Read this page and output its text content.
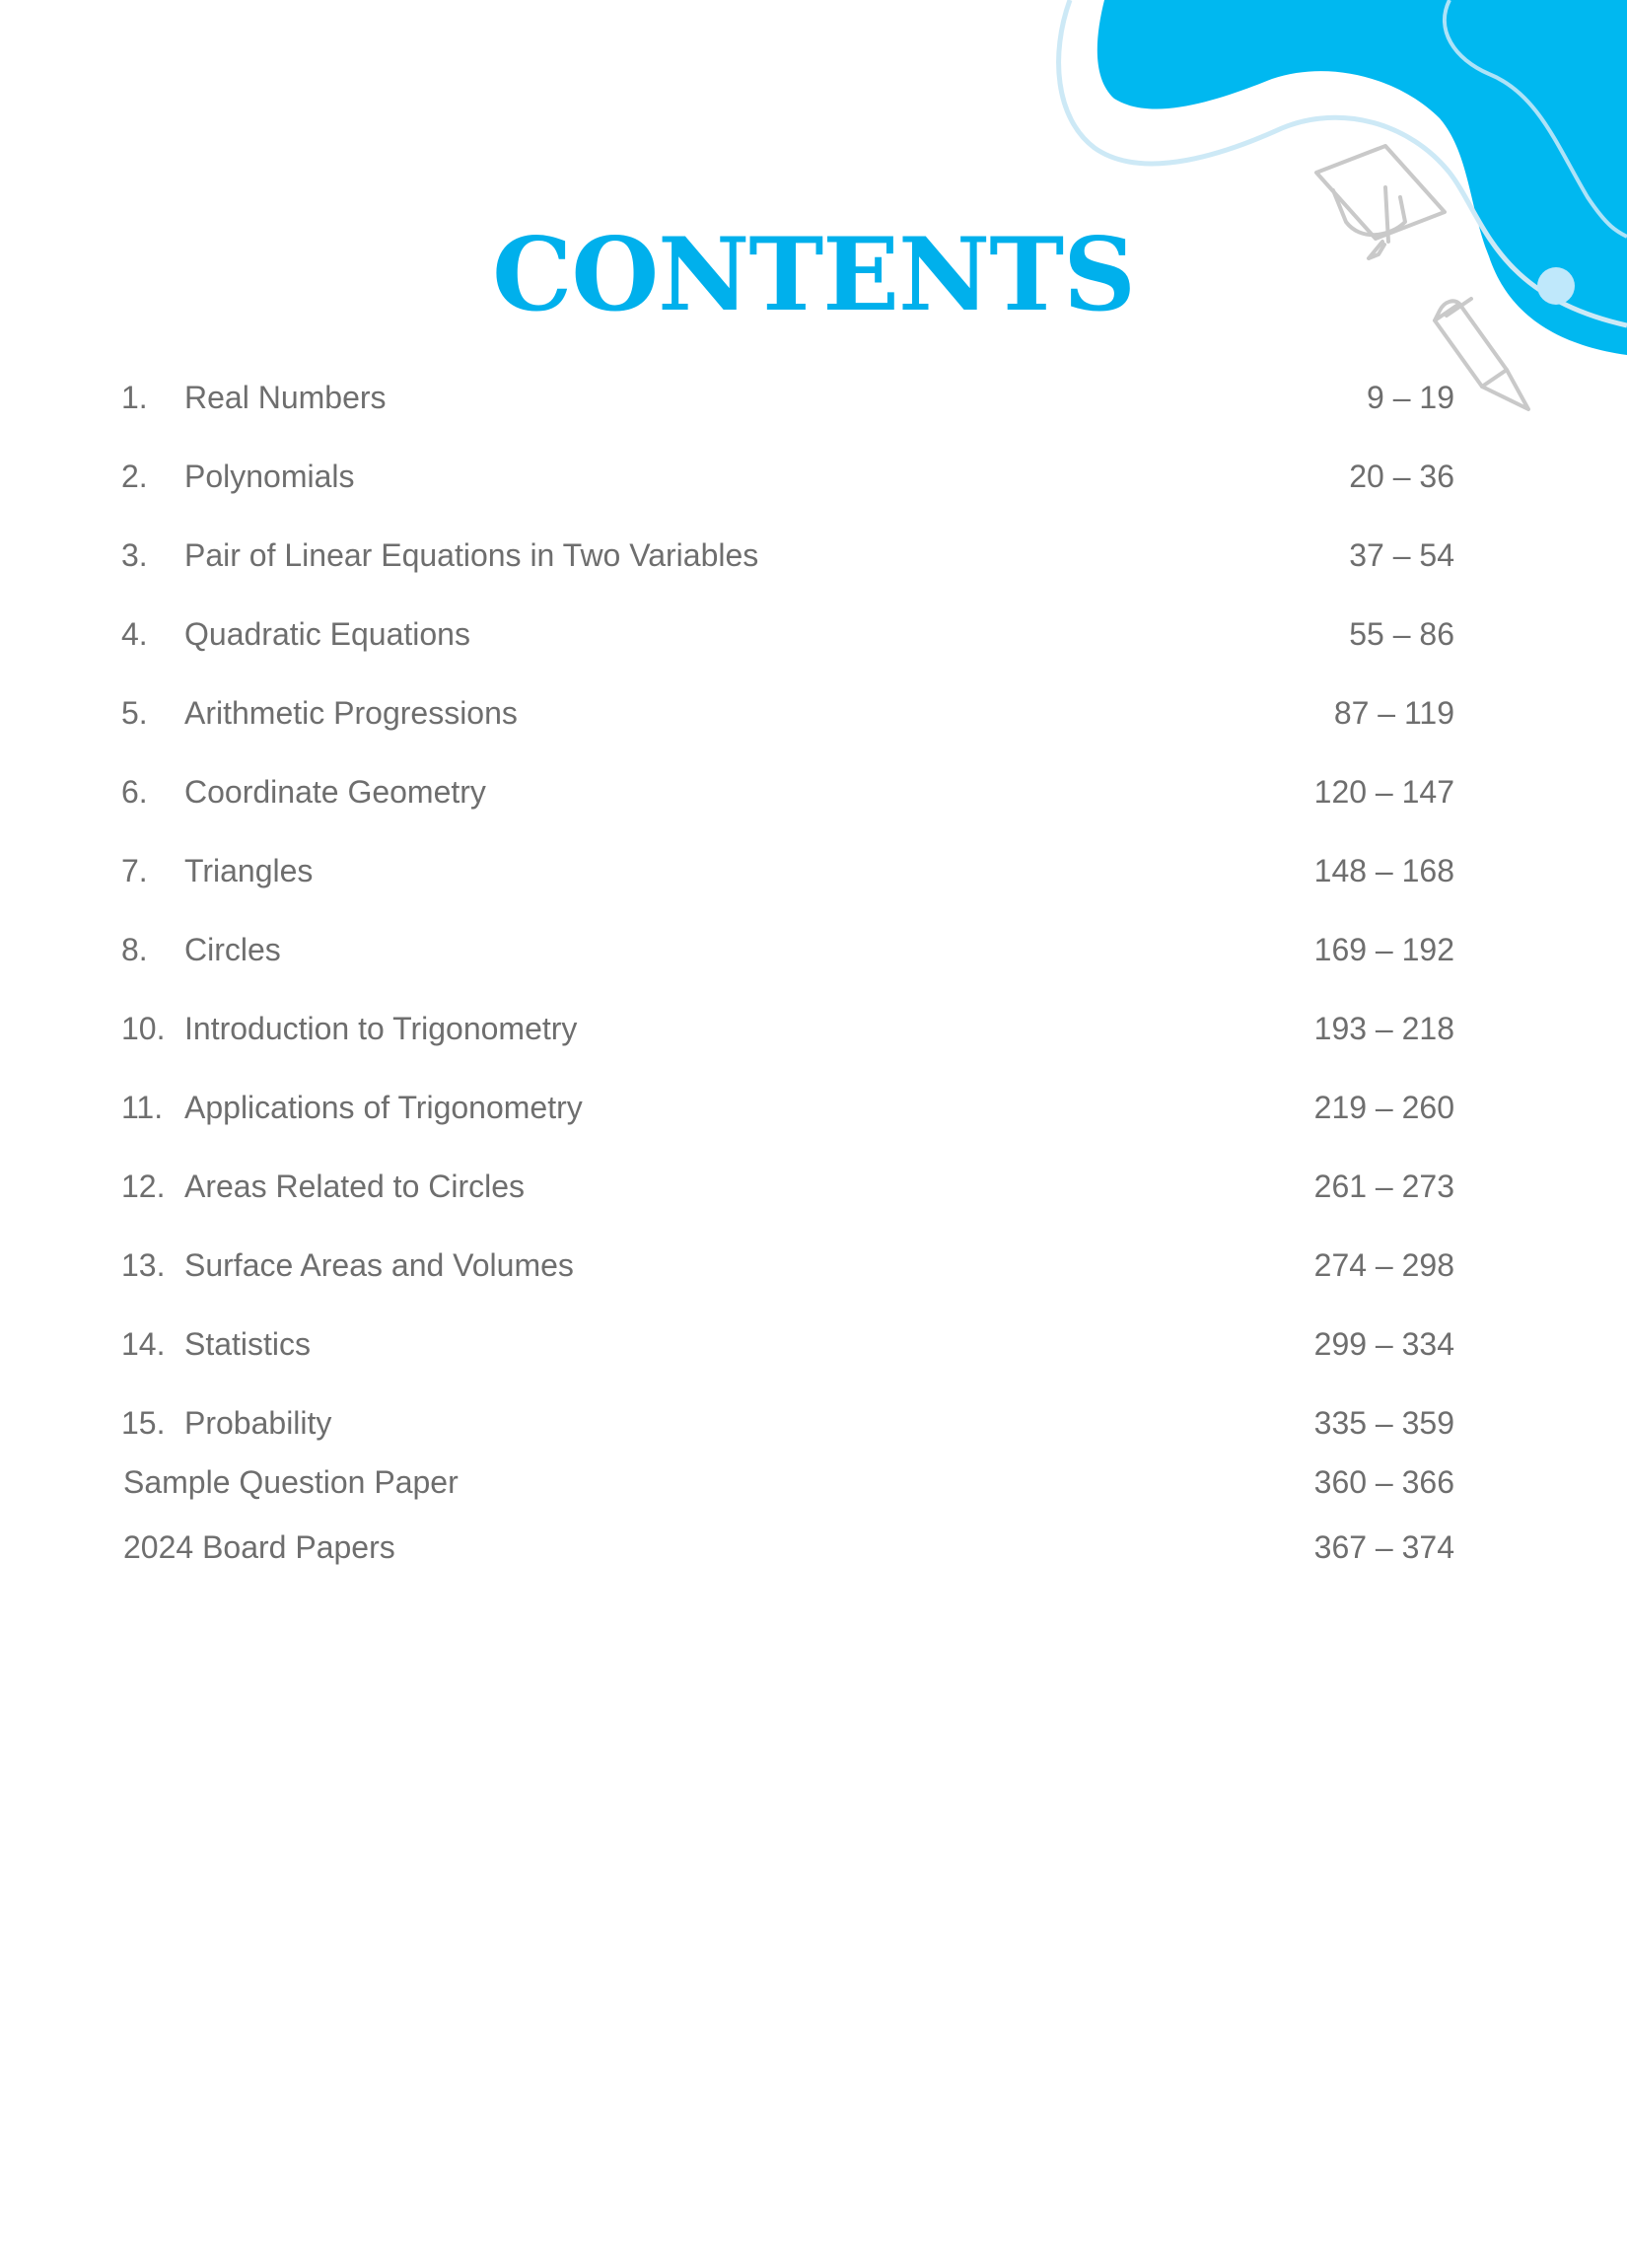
CONTENTS
1. Real Numbers	9 – 19
2. Polynomials	20 – 36
3. Pair of Linear Equations in Two Variables	37 – 54
4. Quadratic Equations	55 – 86
5. Arithmetic Progressions	87 – 119
6. Coordinate Geometry	120 – 147
7. Triangles	148 – 168
8. Circles	169 – 192
10. Introduction to Trigonometry	193 – 218
11. Applications of Trigonometry	219 – 260
12. Areas Related to Circles	261 – 273
13. Surface Areas and Volumes	274 – 298
14. Statistics	299 – 334
15. Probability	335 – 359
Sample Question Paper	360 – 366
2024 Board Papers	367 – 374
